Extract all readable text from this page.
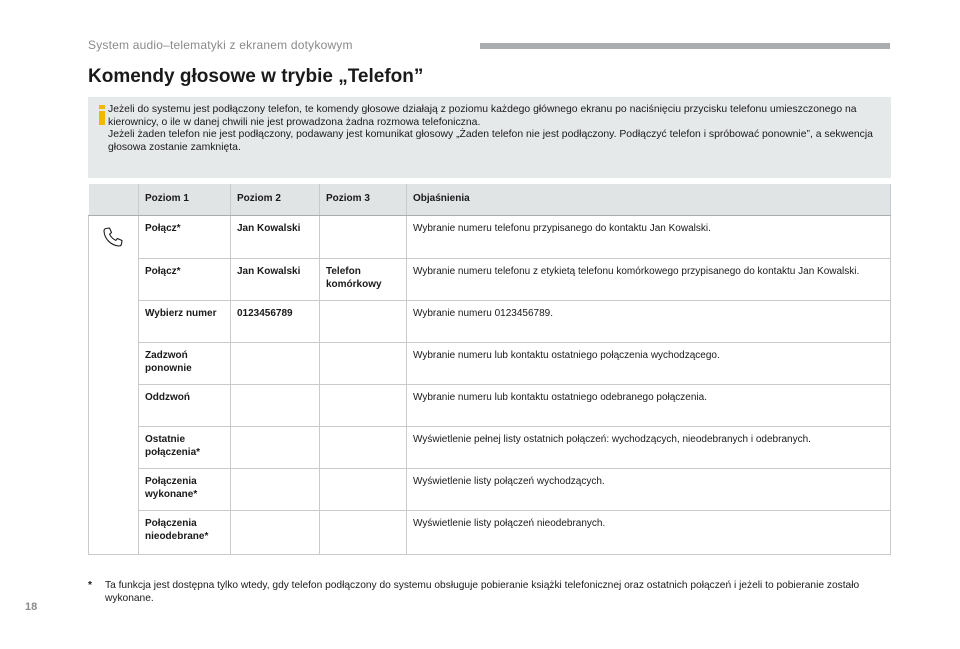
System audio–telematyki z ekranem dotykowym
Komendy głosowe w trybie „Telefon”

Jeżeli do systemu jest podłączony telefon, te komendy głosowe działają z poziomu każdego głównego ekranu po naciśnięciu przycisku telefonu umieszczonego na kierownicy, o ile w danej chwili nie jest prowadzona żadna rozmowa telefoniczna.

Jeżeli żaden telefon nie jest podłączony, podawany jest komunikat głosowy „Żaden telefon nie jest podłączony. Podłączyć telefon i spróbować ponownie”, a sekwencja głosowa zostanie zamknięta.

	Poziom 1	Poziom 2	Poziom 3	Objaśnienia

	Połącz*	Jan Kowalski		Wybranie numeru telefonu przypisanego do kontaktu Jan Kowalski.
	Połącz*	Jan Kowalski	Telefon komórkowy	Wybranie numeru telefonu z etykietą telefonu komórkowego przypisanego do kontaktu Jan Kowalski.
	Wybierz numer	0123456789		Wybranie numeru 0123456789.
	Zadzwoń ponownie			Wybranie numeru lub kontaktu ostatniego połączenia wychodzącego.
	Oddzwoń			Wybranie numeru lub kontaktu ostatniego odebranego połączenia.
	Ostatnie połączenia*			Wyświetlenie pełnej listy ostatnich połączeń: wychodzących, nieodebranych i odebranych.
	Połączenia wykonane*			Wyświetlenie listy połączeń wychodzących.
	Połączenia nieodebrane*			Wyświetlenie listy połączeń nieodebranych.
* Ta funkcja jest dostępna tylko wtedy, gdy telefon podłączony do systemu obsługuje pobieranie książki telefonicznej oraz ostatnich połączeń i jeżeli to pobieranie zostało wykonane.
18
